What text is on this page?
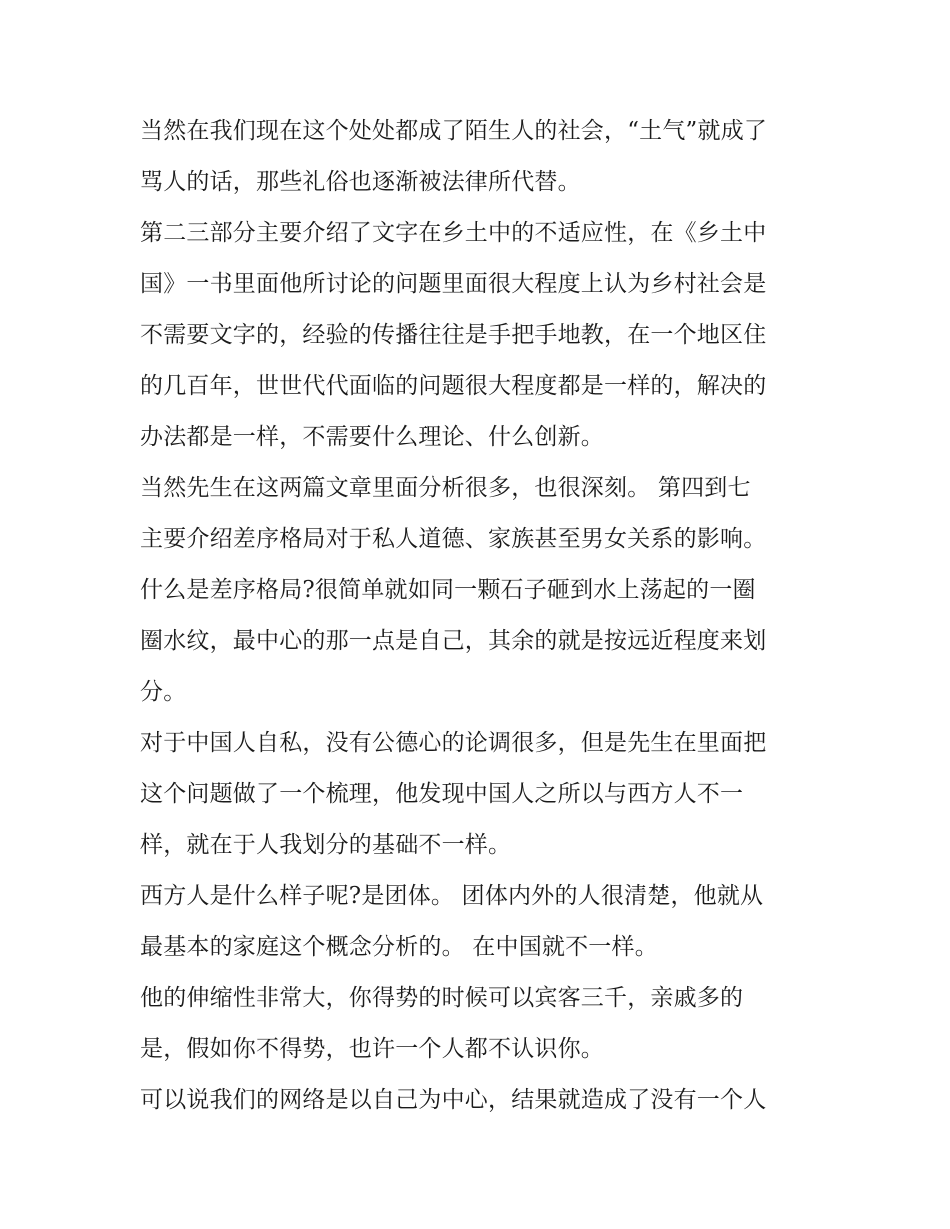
当然在我们现在这个处处都成了陌生人的社会，“土气”就成了
骂人的话，那些礼俗也逐渐被法律所代替。
第二三部分主要介绍了文字在乡土中的不适应性，在《乡土中
国》一书里面他所讨论的问题里面很大程度上认为乡村社会是
不需要文字的，经验的传播往往是手把手地教，在一个地区住
的几百年，世世代代面临的问题很大程度都是一样的，解决的
办法都是一样，不需要什么理论、什么创新。
当然先生在这两篇文章里面分析很多，也很深刻。 第四到七
主要介绍差序格局对于私人道德、家族甚至男女关系的影响。
什么是差序格局?很简单就如同一颗石子砸到水上荡起的一圈
圈水纹，最中心的那一点是自己，其余的就是按远近程度来划
分。
对于中国人自私，没有公德心的论调很多，但是先生在里面把
这个问题做了一个梳理，他发现中国人之所以与西方人不一
样，就在于人我划分的基础不一样。
西方人是什么样子呢?是团体。 团体内外的人很清楚，他就从
最基本的家庭这个概念分析的。 在中国就不一样。
他的伸缩性非常大，你得势的时候可以宾客三千，亲戚多的
是，假如你不得势，也许一个人都不认识你。
可以说我们的网络是以自己为中心，结果就造成了没有一个人
